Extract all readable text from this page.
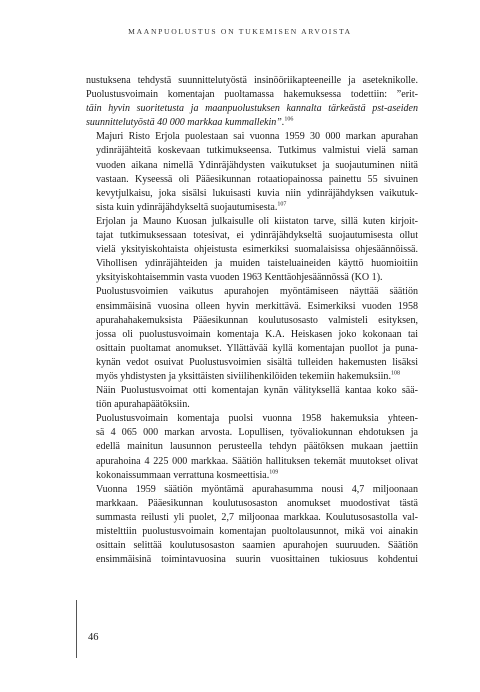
MAANPUOLUSTUS ON TUKEMISEN ARVOISTA

nustuksena tehdystä suunnittelutyöstä insinööriikapteeneille ja aseteknikolle.
Puolustusvoimain komentajan puoltamassa hakemuksessa todettiin: ”erit-
täin hyvin suoritetusta ja maanpuolustuksen kannalta tärkeästä pst-aseiden
suunnittelutyöstä 40 000 markkaa kummallekin”.$^{106}$

Majuri Risto Erjola puolestaan sai vuonna 1959 30 000 markan apurahan
ydinräjähteitä koskevaan tutkimukseensa. Tutkimus valmistui vielä saman
vuoden aikana nimellä Ydinräjähdysten vaikutukset ja suojautuminen niitä
vastaan. Kyseessä oli Pääesikunnan rotaatiopainossa painettu 55 sivuinen
kevytjulkaisu, joka sisälsi lukuisasti kuvia niin ydinräjähdyksen vaikutuk-
sista kuin ydinräjähdykseltä suojautumisesta.$^{107}$

Erjolan ja Mauno Kuosan julkaisulle oli kiistaton tarve, sillä kuten kirjoit-
tajat tutkimuksessaan totesivat, ei ydinräjähdykseltä suojautumisesta ollut
vielä yksityiskohtaista ohjeistusta esimerkiksi suomalaisissa ohjesäännöissä.
Vihollisen ydinräjähteiden ja muiden taisteluaineiden käyttö huomioitiin
yksityiskohtaisemmin vasta vuoden 1963 Kenttäohjesäännössä (KO 1).

Puolustusvoimien vaikutus apurahojen myöntämiseen näyttää säätiön
ensimmäisinä vuosina olleen hyvin merkittävä. Esimerkiksi vuoden 1958
apurahahakemuksista Pääesikunnan koulutusosasto valmisteli esityksen,
jossa oli puolustusvoimain komentaja K.A. Heiskasen joko kokonaan tai
osittain puoltamat anomukset. Yllättävää kyllä komentajan puollot ja puna-
kynän vedot osuivat Puolustusvoimien sisältä tulleiden hakemusten lisäksi
myös yhdistysten ja yksittäisten siviilihenkilöiden tekemiin hakemuksiin.$^{108}$
Näin Puolustusvoimat otti komentajan kynän välityksellä kantaa koko sää-
tiön apurahapäätöksiin.

Puolustusvoimain komentaja puolsi vuonna 1958 hakemuksia yhteen-
sä 4 065 000 markan arvosta. Lopullisen, työvaliokunnan ehdotuksen ja
edellä mainitun lausunnon perusteella tehdyn päätöksen mukaan jaettiin
apurahoina 4 225 000 markkaa. Säätiön hallituksen tekemät muutokset olivat
kokonaissummaan verrattuna kosmeettisia.$^{109}$

Vuonna 1959 säätiön myöntämä apurahasumma nousi 4,7 miljoonaan
markkaan. Pääesikunnan koulutusosaston anomukset muodostivat tästä
summasta reilusti yli puolet, 2,7 miljoonaa markkaa. Koulutusosastolla val-
mistelttiin puolustusvoimain komentajan puoltolausunnot, mikä voi ainakin
osittain selittää koulutusosaston saamien apurahojen suuruuden. Säätiön
ensimmäisinä toimintavuosina suurin vuosittainen tukiosuus kohdentui

46
